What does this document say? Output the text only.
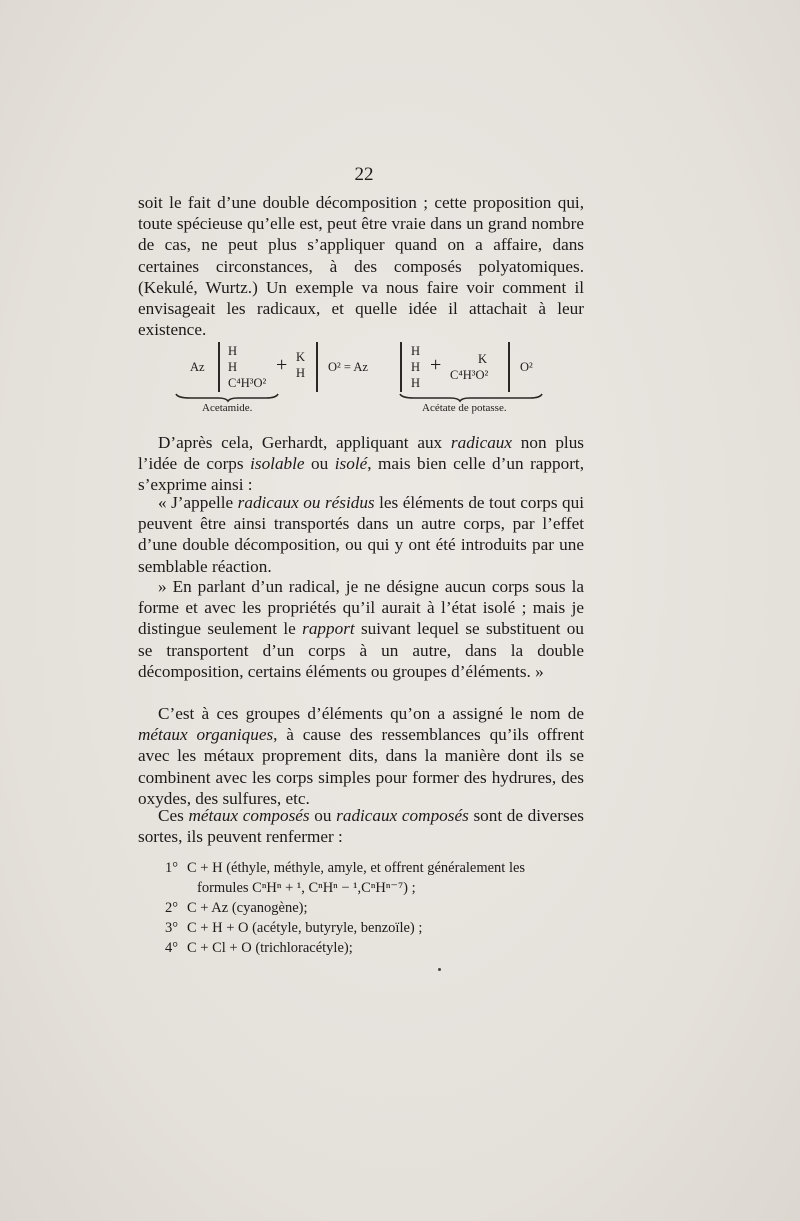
22

soit le fait d’une double décomposition ; cette proposition qui, toute spécieuse qu’elle est, peut être vraie dans un grand nombre de cas, ne peut plus s’appliquer quand on a affaire, dans certaines circonstances, à des composés polyatomiques. (Kekulé, Wurtz.) Un exemple va nous faire voir comment il envisageait les radicaux, et quelle idée il attachait à leur existence.

Az
H
H
C⁴H³O²
+ K
H O² = Az
H
H
H
+	K
C⁴H³O²
O²
Acetamide.	Acétate de potasse.

D’après cela, Gerhardt, appliquant aux radicaux non plus l’idée de corps isolable ou isolé, mais bien celle d’un rapport, s’exprime ainsi :

« J’appelle radicaux ou résidus les éléments de tout corps qui peuvent être ainsi transportés dans un autre corps, par l’effet d’une double décomposition, ou qui y ont été introduits par une semblable réaction.

» En parlant d’un radical, je ne désigne aucun corps sous la forme et avec les propriétés qu’il aurait à l’état isolé ; mais je distingue seulement le rapport suivant lequel se substituent ou se transportent d’un corps à un autre, dans la double décomposition, certains éléments ou groupes d’éléments. »

C’est à ces groupes d’éléments qu’on a assigné le nom de métaux organiques, à cause des ressemblances qu’ils offrent avec les métaux proprement dits, dans la manière dont ils se combinent avec les corps simples pour former des hydrures, des oxydes, des sulfures, etc.

Ces métaux composés ou radicaux composés sont de diverses sortes, ils peuvent renfermer :

1° C + H (éthyle, méthyle, amyle, et offrent généralement les
formules CⁿHⁿ + ¹, CⁿHⁿ − ¹,CⁿHⁿ⁻⁷) ;
2° C + Az (cyanogène);
3° C + H + O (acétyle, butyryle, benzoïle) ;
4° C + Cl + O (trichloracétyle);
